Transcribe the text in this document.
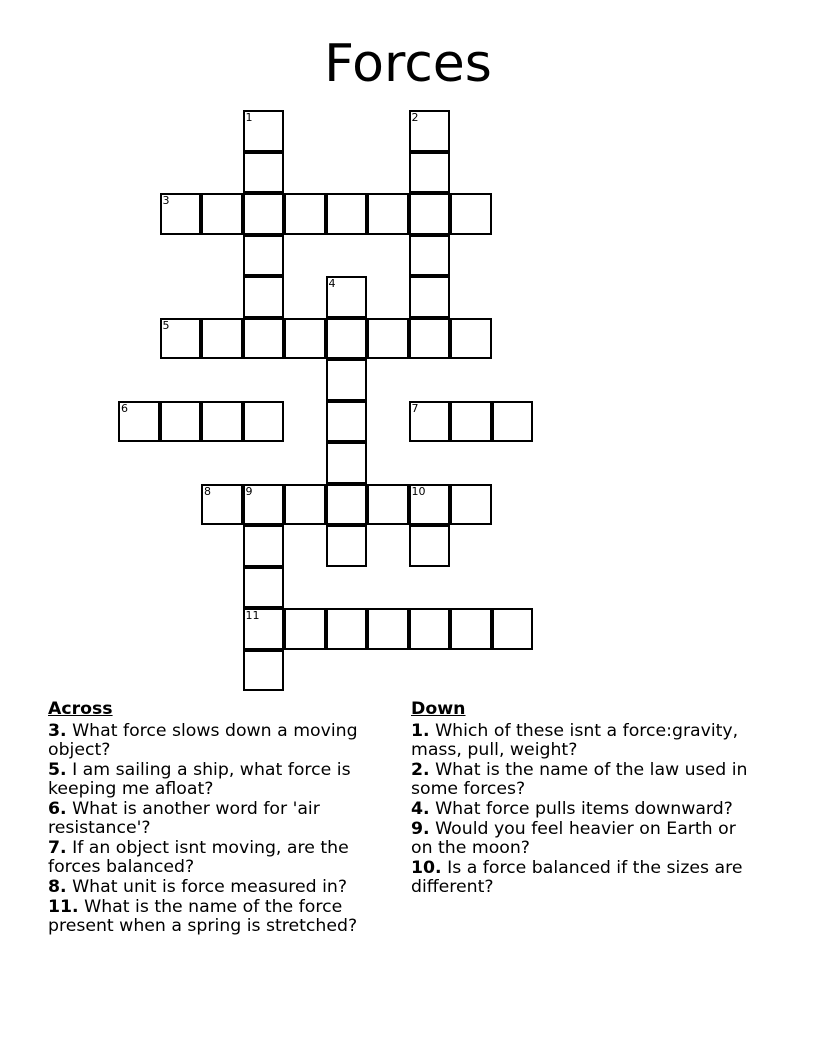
Forces
1	2
3
4
5
6	7
8	9	10
11
Across
3. What force slows down a moving object?
5. I am sailing a ship, what force is keeping me afloat?
6. What is another word for 'air resistance'?
7. If an object isnt moving, are the forces balanced?
8. What unit is force measured in?
11. What is the name of the force present when a spring is stretched?
Down
1. Which of these isnt a force:gravity, mass, pull, weight?
2. What is the name of the law used in some forces?
4. What force pulls items downward?
9. Would you feel heavier on Earth or on the moon?
10. Is a force balanced if the sizes are different?
